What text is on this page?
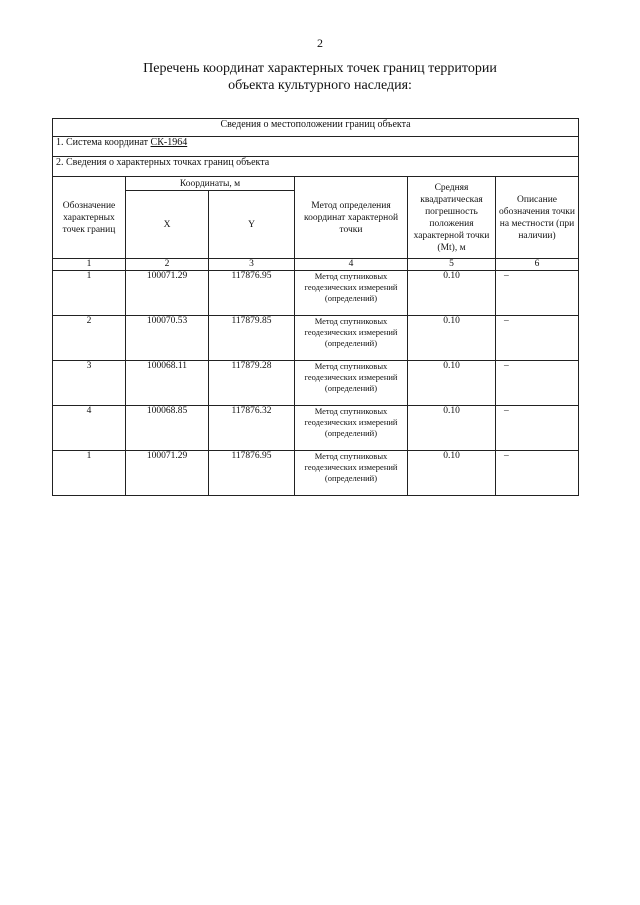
2
Перечень координат характерных точек границ территории
объекта культурного наследия:
Сведения о местоположении границ объекта					
1. Система координат СК-1964					
2. Сведения о характерных точках границ объекта					
Обозначение характерных точек границ	Координаты, м		Метод определения координат характерной точки	Средняя квадратическая погрешность положения характерной точки (Mt), м	Описание обозначения точки на местности (при наличии)
	X	Y			
1	2	3	4	5	6
1	100071.29	117876.95	Метод спутниковых геодезических измерений (определений)	0.10	–
2	100070.53	117879.85	Метод спутниковых геодезических измерений (определений)	0.10	–
3	100068.11	117879.28	Метод спутниковых геодезических измерений (определений)	0.10	–
4	100068.85	117876.32	Метод спутниковых геодезических измерений (определений)	0.10	–
1	100071.29	117876.95	Метод спутниковых геодезических измерений (определений)	0.10	–
